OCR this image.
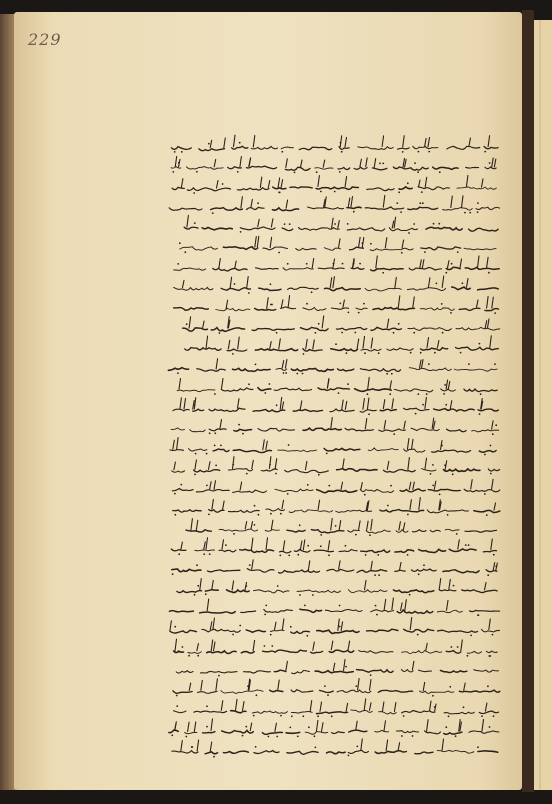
229
